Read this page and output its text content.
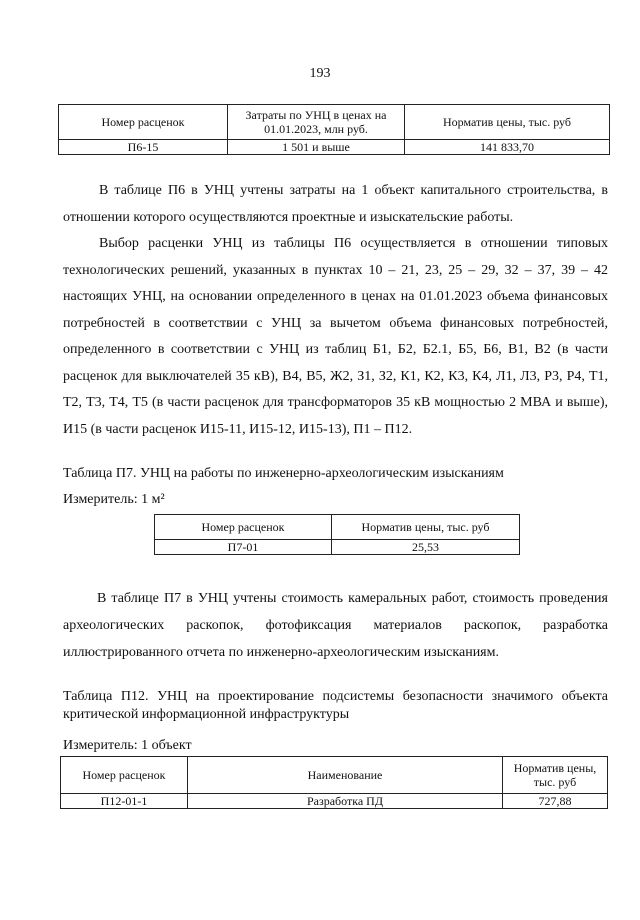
193
Номер расценок	Затраты по УНЦ в ценах на 01.01.2023, млн руб.	Норматив цены, тыс. руб
П6-15	1 501 и выше	141 833,70
В таблице П6 в УНЦ учтены затраты на 1 объект капитального строительства, в отношении которого осуществляются проектные и изыскательские работы.
Выбор расценки УНЦ из таблицы П6 осуществляется в отношении типовых технологических решений, указанных в пунктах 10 – 21, 23, 25 – 29, 32 – 37, 39 – 42 настоящих УНЦ, на основании определенного в ценах на 01.01.2023 объема финансовых потребностей в соответствии с УНЦ за вычетом объема финансовых потребностей, определенного в соответствии с УНЦ из таблиц Б1, Б2, Б2.1, Б5, Б6, В1, В2 (в части расценок для выключателей 35 кВ), В4, В5, Ж2, З1, З2, К1, К2, К3, К4, Л1, Л3, Р3, Р4, Т1, Т2, Т3, Т4, Т5 (в части расценок для трансформаторов 35 кВ мощностью 2 МВА и выше), И15 (в части расценок И15-11, И15-12, И15-13), П1 – П12.
Таблица П7. УНЦ на работы по инженерно-археологическим изысканиям
Измеритель: 1 м²
Номер расценок	Норматив цены, тыс. руб
П7-01	25,53
В таблице П7 в УНЦ учтены стоимость камеральных работ, стоимость проведения археологических раскопок, фотофиксация материалов раскопок, разработка иллюстрированного отчета по инженерно-археологическим изысканиям.
Таблица П12. УНЦ на проектирование подсистемы безопасности значимого объекта критической информационной инфраструктуры
Измеритель: 1 объект
Номер расценок	Наименование	Норматив цены, тыс. руб
П12-01-1	Разработка ПД	727,88
